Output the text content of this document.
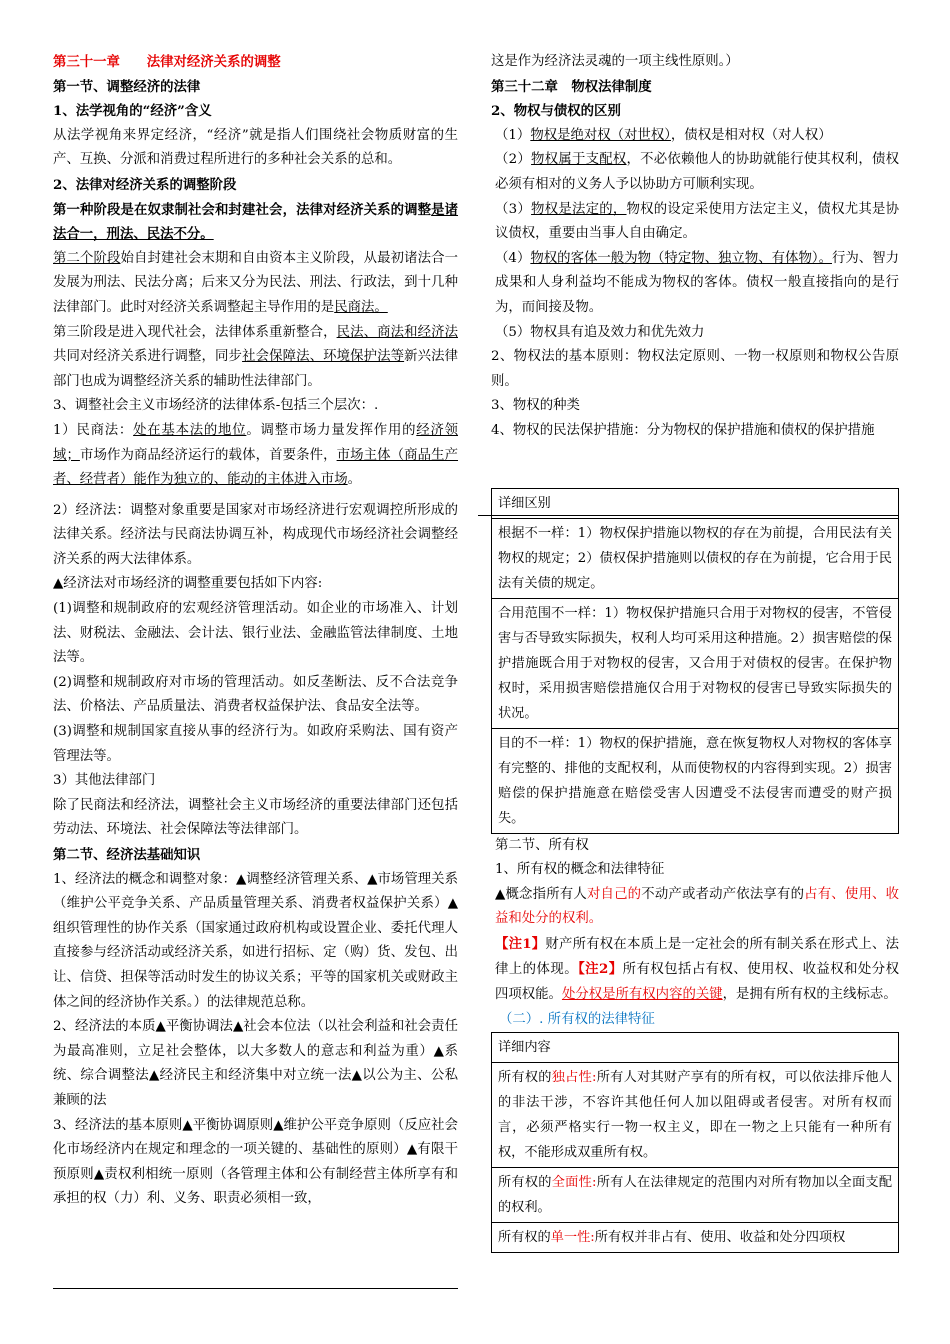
第三十一章　　 法律对经济关系的调整

第一节、调整经济的法律

1、法学视角的“经济”含义

从法学视角来界定经济，“经济”就是指人们围绕社会物质财富的生产、互换、分派和消费过程所进行的多种社会关系的总和。

2、法律对经济关系的调整阶段

第一种阶段是在奴隶制社会和封建社会，法律对经济关系的调整是诸法合一，刑法、民法不分。

第二个阶段始自封建社会末期和自由资本主义阶段，从最初诸法合一发展为刑法、民法分离；后来又分为民法、刑法、行政法，到十几种法律部门。此时对经济关系调整起主导作用的是民商法。

第三阶段是进入现代社会，法律体系重新整合，民法、商法和经济法共同对经济关系进行调整，同步社会保障法、环境保护法等新兴法律部门也成为调整经济关系的辅助性法律部门。

3、调整社会主义市场经济的法律体系-包括三个层次：.

1）民商法：处在基本法的地位。调整市场力量发挥作用的经济领域；市场作为商品经济运行的载体，首要条件，市场主体（商品生产者、经营者）能作为独立的、能动的主体进入市场。

2）经济法：调整对象重要是国家对市场经济进行宏观调控所形成的法律关系。经济法与民商法协调互补，构成现代市场经济社会调整经济关系的两大法律体系。

▲经济法对市场经济的调整重要包括如下内容:

(1)调整和规制政府的宏观经济管理活动。如企业的市场准入、计划法、财税法、金融法、会计法、银行业法、金融监管法律制度、土地法等。

(2)调整和规制政府对市场的管理活动。如反垄断法、反不合法竞争法、价格法、产品质量法、消费者权益保护法、食品安全法等。

(3)调整和规制国家直接从事的经济行为。如政府采购法、国有资产管理法等。

3）其他法律部门

除了民商法和经济法，调整社会主义市场经济的重要法律部门还包括劳动法、环境法、社会保障法等法律部门。

第二节、经济法基础知识

1、经济法的概念和调整对象：▲调整经济管理关系、▲市场管理关系（维护公平竞争关系、产品质量管理关系、消费者权益保护关系）▲组织管理性的协作关系（国家通过政府机构或设置企业、委托代理人直接参与经济活动或经济关系，如进行招标、定（购）货、发包、出让、信贷、担保等活动时发生的协议关系；平等的国家机关或财政主体之间的经济协作关系。）的法律规范总称。

2、经济法的本质▲平衡协调法▲社会本位法（以社会利益和社会责任为最高准则，立足社会整体，以大多数人的意志和利益为重）▲系统、综合调整法▲经济民主和经济集中对立统一法▲以公为主、公私兼顾的法

3、经济法的基本原则▲平衡协调原则▲维护公平竞争原则（反应社会化市场经济内在规定和理念的一项关键的、基础性的原则）▲有限干预原则▲责权利相统一原则（各管理主体和公有制经营主体所享有和承担的权（力）利、义务、职责必须相一致，

这是作为经济法灵魂的一项主线性原则。）

第三十二章　物权法律制度

2、物权与债权的区别

（1）物权是绝对权（对世权），债权是相对权（对人权）

（2）物权属于支配权，不必依赖他人的协助就能行使其权利，债权必须有相对的义务人予以协助方可顺利实现。

（3）物权是法定的，物权的设定采使用方法定主义，债权尤其是协议债权，重要由当事人自由确定。

（4）物权的客体一般为物（特定物、独立物、有体物）。行为、智力成果和人身利益均不能成为物权的客体。债权一般直接指向的是行为，而间接及物。

（5）物权具有追及效力和优先效力

2、物权法的基本原则：物权法定原则、一物一权原则和物权公告原则。

3、物权的种类

4、物权的民法保护措施：分为物权的保护措施和债权的保护措施

详细区别
根据不一样：1）物权保护措施以物权的存在为前提，合用民法有关物权的规定；2）债权保护措施则以债权的存在为前提，它合用于民法有关债的规定。
合用范围不一样：1）物权保护措施只合用于对物权的侵害，不管侵害与否导致实际损失，权利人均可采用这种措施。2）损害赔偿的保护措施既合用于对物权的侵害，又合用于对债权的侵害。在保护物权时，采用损害赔偿措施仅合用于对物权的侵害已导致实际损失的状况。
目的不一样：1）物权的保护措施，意在恢复物权人对物权的客体享有完整的、排他的支配权利，从而使物权的内容得到实现。2）损害赔偿的保护措施意在赔偿受害人因遭受不法侵害而遭受的财产损失。

第二节、所有权

1、所有权的概念和法律特征

▲概念指所有人对自己的不动产或者动产依法享有的占有、使用、收益和处分的权利。

【注1】财产所有权在本质上是一定社会的所有制关系在形式上、法律上的体现。【注2】所有权包括占有权、使用权、收益权和处分权四项权能。处分权是所有权内容的关键，是拥有所有权的主线标志。

（二）. 所有权的法律特征

详细内容
所有权的独占性:所有人对其财产享有的所有权，可以依法排斥他人的非法干涉，不容许其他任何人加以阻碍或者侵害。对所有权而言，必须严格实行一物一权主义，即在一物之上只能有一种所有权，不能形成双重所有权。
所有权的全面性:所有人在法律规定的范围内对所有物加以全面支配的权利。
所有权的单一性:所有权并非占有、使用、收益和处分四项权
